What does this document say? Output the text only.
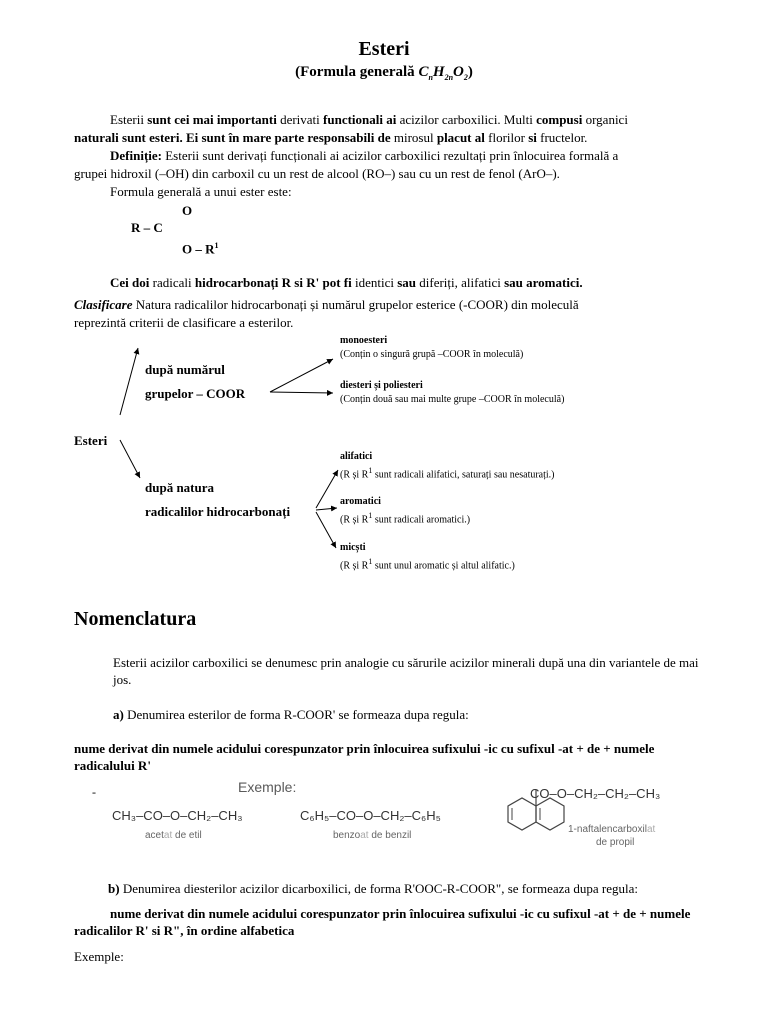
Esteri
(Formula generală $C_nH_{2n}O_2$)
Esterii sunt cei mai importanti derivati functionali ai acizilor carboxilici. Multi compusi organici
naturali sunt esteri. Ei sunt în mare parte responsabili de mirosul placut al florilor si fructelor.
Definiție: Esterii sunt derivați funcționali ai acizilor carboxilici rezultați prin înlocuirea formală a
grupei hidroxil (–OH) din carboxil cu un rest de alcool (RO–) sau cu un rest de fenol (ArO–).
Formula generală a unui ester este:
O
R – C
O – $R^1$
Cei doi radicali hidrocarbonați R si R' pot fi identici sau diferiți, alifatici sau aromatici.
Clasificare Natura radicalilor hidrocarbonați și numărul grupelor esterice (-COOR) din moleculă
reprezintă criterii de clasificare a esterilor.
Esteri
după numărul
grupelor – COOR
monoesteri
(Conțin o singură grupă –COOR în moleculă)
diesteri și poliesteri
(Conțin două sau mai multe grupe –COOR în moleculă)
după natura
radicalilor hidrocarbonați
alifatici
(R și $R^1$ sunt radicali alifatici, saturați sau nesaturați.)
aromatici
(R și $R^1$ sunt radicali aromatici.)
micști
(R și $R^1$ sunt unul aromatic și altul alifatic.)
Nomenclatura
Esterii acizilor carboxilici se denumesc prin analogie cu sărurile acizilor minerali după una din variantele de mai
jos.
a) Denumirea esterilor de forma R-COOR' se formeaza dupa regula:
nume derivat din numele acidului corespunzator prin înlocuirea sufixului -ic cu sufixul -at + de + numele
radicalului R'
-	Exemple:
CH₃–CO–O–CH₂–CH₃
acetat de etil
C₆H₅–CO–O–CH₂–C₆H₅
benzoat de benzil
CO–O–CH₂–CH₂–CH₃
1-naftalencarboxilat
de propil
b) Denumirea diesterilor acizilor dicarboxilici, de forma R'OOC-R-COOR", se formeaza dupa regula:
nume derivat din numele acidului corespunzator prin înlocuirea sufixului -ic cu sufixul -at + de + numele
radicalilor R' si R", în ordine alfabetica
Exemple:
